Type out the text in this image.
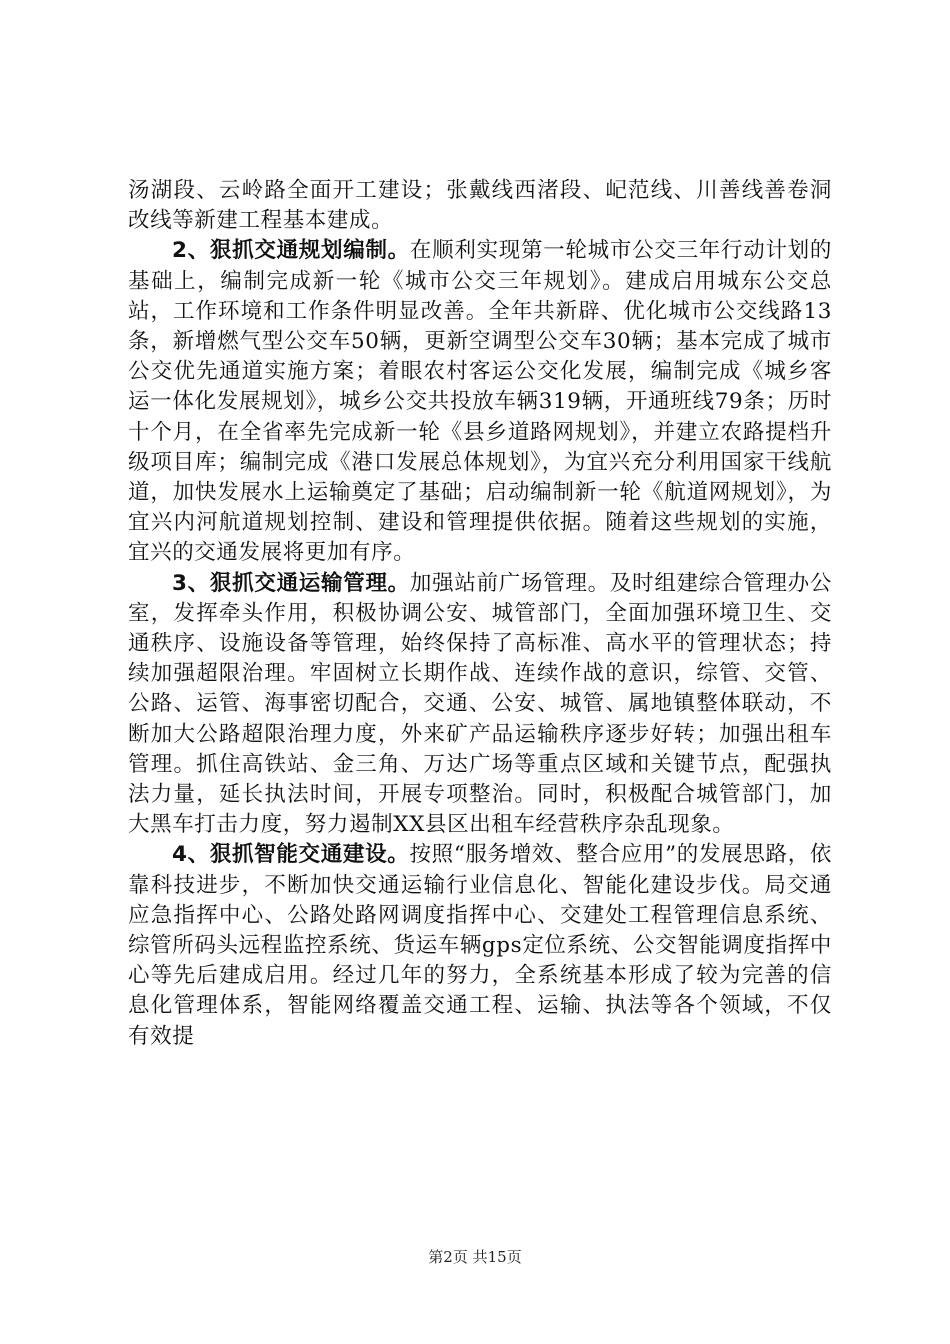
汤湖段、云岭路全面开工建设；张戴线西渚段、屺范线、川善线善卷洞改线等新建工程基本建成。

2、狠抓交通规划编制。在顺利实现第一轮城市公交三年行动计划的基础上，编制完成新一轮《城市公交三年规划》。建成启用城东公交总站，工作环境和工作条件明显改善。全年共新辟、优化城市公交线路13条，新增燃气型公交车50辆，更新空调型公交车30辆；基本完成了城市公交优先通道实施方案；着眼农村客运公交化发展，编制完成《城乡客运一体化发展规划》，城乡公交共投放车辆319辆，开通班线79条；历时十个月，在全省率先完成新一轮《县乡道路网规划》，并建立农路提档升级项目库；编制完成《港口发展总体规划》，为宜兴充分利用国家干线航道，加快发展水上运输奠定了基础；启动编制新一轮《航道网规划》，为宜兴内河航道规划控制、建设和管理提供依据。随着这些规划的实施，宜兴的交通发展将更加有序。

3、狠抓交通运输管理。加强站前广场管理。及时组建综合管理办公室，发挥牵头作用，积极协调公安、城管部门，全面加强环境卫生、交通秩序、设施设备等管理，始终保持了高标准、高水平的管理状态；持续加强超限治理。牢固树立长期作战、连续作战的意识，综管、交管、公路、运管、海事密切配合，交通、公安、城管、属地镇整体联动，不断加大公路超限治理力度，外来矿产品运输秩序逐步好转；加强出租车管理。抓住高铁站、金三角、万达广场等重点区域和关键节点，配强执法力量，延长执法时间，开展专项整治。同时，积极配合城管部门，加大黑车打击力度，努力遏制XX县区出租车经营秩序杂乱现象。

4、狠抓智能交通建设。按照“服务增效、整合应用”的发展思路，依靠科技进步，不断加快交通运输行业信息化、智能化建设步伐。局交通应急指挥中心、公路处路网调度指挥中心、交建处工程管理信息系统、综管所码头远程监控系统、货运车辆gps定位系统、公交智能调度指挥中心等先后建成启用。经过几年的努力，全系统基本形成了较为完善的信息化管理体系，智能网络覆盖交通工程、运输、执法等各个领域，不仅有效提

第2页 共15页
